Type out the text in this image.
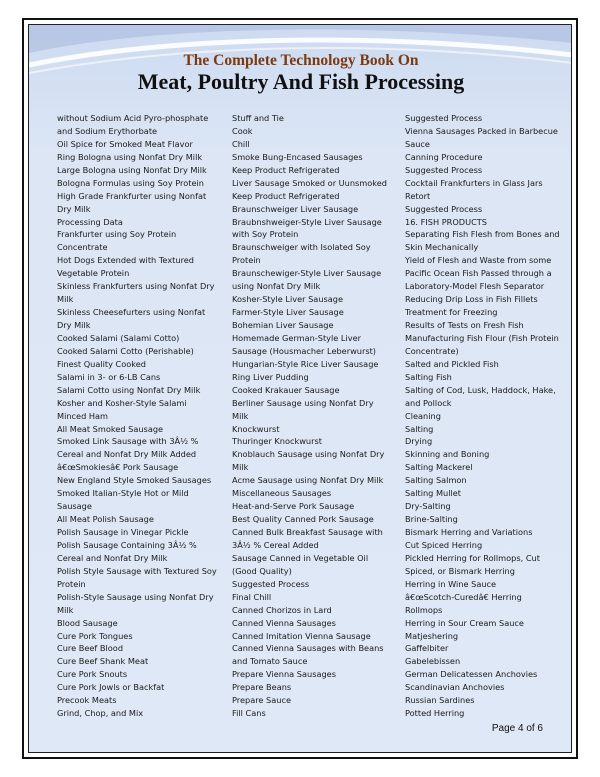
The Complete Technology Book On
Meat, Poultry And Fish Processing
without Sodium Acid Pyro-phosphate
and Sodium Erythorbate
Oil Spice for Smoked Meat Flavor
Ring Bologna using Nonfat Dry Milk
Large Bologna using Nonfat Dry Milk
Bologna Formulas using Soy Protein
High Grade Frankfurter using Nonfat
Dry Milk
Processing Data
Frankfurter using Soy Protein
Concentrate
Hot Dogs Extended with Textured
Vegetable Protein
Skinless Frankfurters using Nonfat Dry
Milk
Skinless Cheesefurters using Nonfat
Dry Milk
Cooked Salami (Salami Cotto)
Cooked Salami Cotto (Perishable)
Finest Quality Cooked
Salami in 3- or 6-LB Cans
Salami Cotto using Nonfat Dry Milk
Kosher and Kosher-Style Salami
Minced Ham
All Meat Smoked Sausage
Smoked Link Sausage with 3Â½ %
Cereal and Nonfat Dry Milk Added
â€œSmokiesâ€ Pork Sausage
New England Style Smoked Sausages
Smoked Italian-Style Hot or Mild
Sausage
All Meat Polish Sausage
Polish Sausage in Vinegar Pickle
Polish Sausage Containing 3Â½ %
Cereal and Nonfat Dry Milk
Polish Style Sausage with Textured Soy
Protein
Polish-Style Sausage using Nonfat Dry
Milk
Blood Sausage
Cure Pork Tongues
Cure Beef Blood
Cure Beef Shank Meat
Cure Pork Snouts
Cure Pork Jowls or Backfat
Precook Meats
Grind, Chop, and Mix
Stuff and Tie
Cook
Chill
Smoke Bung-Encased Sausages
Keep Product Refrigerated
Liver Sausage Smoked or Uunsmoked
Keep Product Refrigerated
Braunschweiger Liver Sausage
Braubnshweiger-Style Liver Sausage
with Soy Protein
Braunschweiger with Isolated Soy
Protein
Braunschewiger-Style Liver Sausage
using Nonfat Dry Milk
Kosher-Style Liver Sausage
Farmer-Style Liver Sausage
Bohemian Liver Sausage
Homemade German-Style Liver
Sausage (Housmacher Leberwurst)
Hungarian-Style Rice Liver Sausage
Ring Liver Pudding
Cooked Krakauer Sausage
Berliner Sausage using Nonfat Dry
Milk
Knockwurst
Thuringer Knockwurst
Knoblauch Sausage using Nonfat Dry
Milk
Acme Sausage using Nonfat Dry Milk
Miscellaneous Sausages
Heat-and-Serve Pork Sausage
Best Quality Canned Pork Sausage
Canned Bulk Breakfast Sausage with
3Â½ % Cereal Added
Sausage Canned in Vegetable Oil
(Good Quality)
Suggested Process
Final Chill
Canned Chorizos in Lard
Canned Vienna Sausages
Canned Imitation Vienna Sausage
Canned Vienna Sausages with Beans
and Tomato Sauce
Prepare Vienna Sausages
Prepare Beans
Prepare Sauce
Fill Cans
Suggested Process
Vienna Sausages Packed in Barbecue
Sauce
Canning Procedure
Suggested Process
Cocktail Frankfurters in Glass Jars
Retort
Suggested Process
16. FISH PRODUCTS
Separating Fish Flesh from Bones and
Skin Mechanically
Yield of Flesh and Waste from some
Pacific Ocean Fish Passed through a
Laboratory-Model Flesh Separator
Reducing Drip Loss in Fish Fillets
Treatment for Freezing
Results of Tests on Fresh Fish
Manufacturing Fish Flour (Fish Protein
Concentrate)
Salted and Pickled Fish
Salting Fish
Salting of Cod, Lusk, Haddock, Hake,
and Pollock
Cleaning
Salting
Drying
Skinning and Boning
Salting Mackerel
Salting Salmon
Salting Mullet
Dry-Salting
Brine-Salting
Bismark Herring and Variations
Cut Spiced Herring
Pickled Herring for Rollmops, Cut
Spiced, or Bismark Herring
Herring in Wine Sauce
â€œScotch-Curedâ€ Herring
Rollmops
Herring in Sour Cream Sauce
Matjeshering
Gaffelbiter
Gabelebissen
German Delicatessen Anchovies
Scandinavian Anchovies
Russian Sardines
Potted Herring
Page 4 of 6
